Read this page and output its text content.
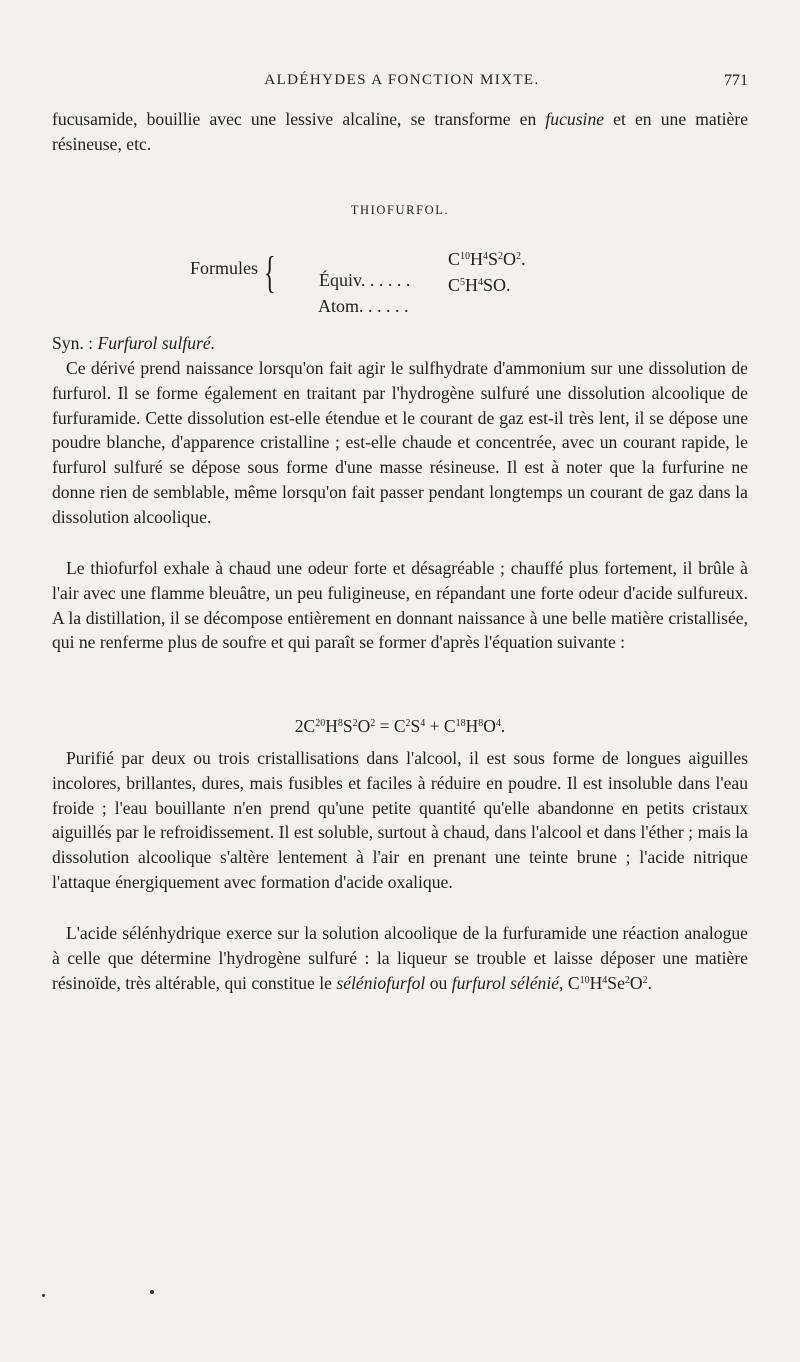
ALDÉHYDES A FONCTION MIXTE.	771

fucusamide, bouillie avec une lessive alcaline, se transforme en fucusine et en une matière résineuse, etc.

THIOFURFOL.
Formules {	Équiv. . . . . .

$C^{10}H^4S^2O^2$.

Atom. . . . . .

$C^5H^4SO$.

Syn. : Furfurol sulfuré.

Ce dérivé prend naissance lorsqu'on fait agir le sulfhydrate d'ammonium sur une dissolution de furfurol. Il se forme également en traitant par l'hydrogène sulfuré une dissolution alcoolique de furfuramide. Cette dissolution est-elle étendue et le courant de gaz est-il très lent, il se dépose une poudre blanche, d'apparence cristalline ; est-elle chaude et concentrée, avec un courant rapide, le furfurol sulfuré se dépose sous forme d'une masse résineuse. Il est à noter que la furfurine ne donne rien de semblable, même lorsqu'on fait passer pendant longtemps un courant de gaz dans la dissolution alcoolique.

Le thiofurfol exhale à chaud une odeur forte et désagréable ; chauffé plus fortement, il brûle à l'air avec une flamme bleuâtre, un peu fuligineuse, en répandant une forte odeur d'acide sulfureux. A la distillation, il se décompose entièrement en donnant naissance à une belle matière cristallisée, qui ne renferme plus de soufre et qui paraît se former d'après l'équation suivante :

$2C^{20}H^8S^2O^2 = C^2S^4 + C^{18}H^8O^4$.

Purifié par deux ou trois cristallisations dans l'alcool, il est sous forme de longues aiguilles incolores, brillantes, dures, mais fusibles et faciles à réduire en poudre. Il est insoluble dans l'eau froide ; l'eau bouillante n'en prend qu'une petite quantité qu'elle abandonne en petits cristaux aiguillés par le refroidissement. Il est soluble, surtout à chaud, dans l'alcool et dans l'éther ; mais la dissolution alcoolique s'altère lentement à l'air en prenant une teinte brune ; l'acide nitrique l'attaque énergiquement avec formation d'acide oxalique.

L'acide sélénhydrique exerce sur la solution alcoolique de la furfuramide une réaction analogue à celle que détermine l'hydrogène sulfuré : la liqueur se trouble et laisse déposer une matière résinoïde, très altérable, qui constitue le séléniofurfol ou furfurol sélénié, $C^{10}H^4Se^2O^2$.
